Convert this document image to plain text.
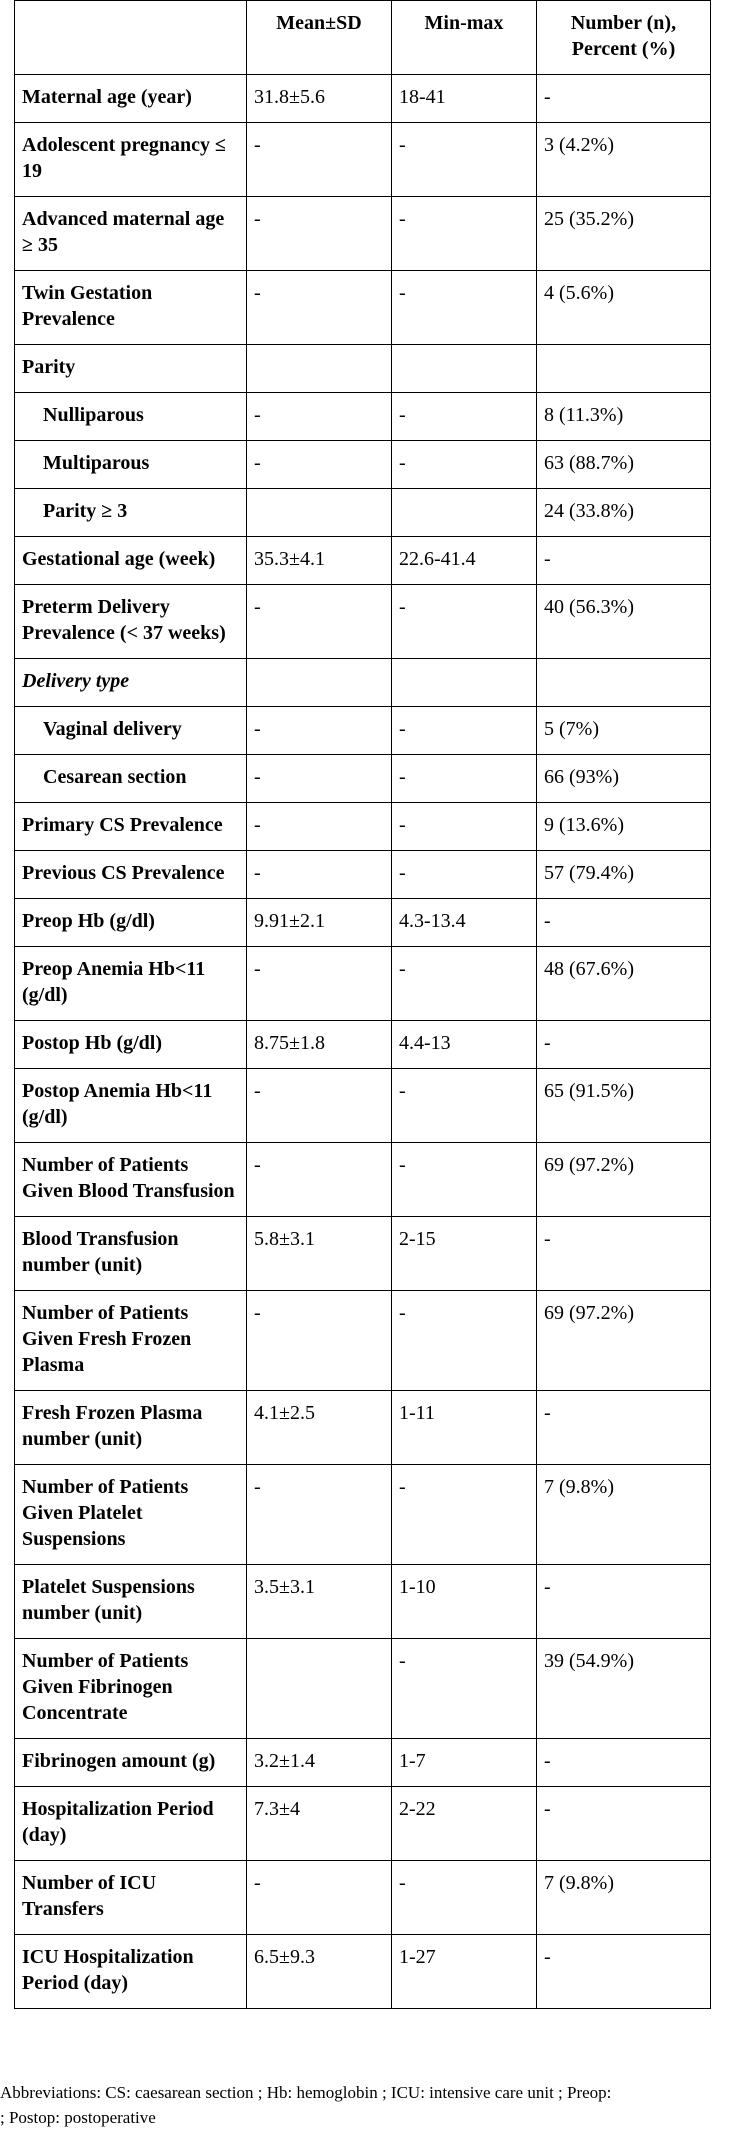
	Mean±SD	Min-max	Number (n),
Percent (%)
Maternal age (year)	31.8±5.6	18-41	-
Adolescent pregnancy ≤ 19	-	-	3 (4.2%)
Advanced maternal age ≥ 35	-	-	25 (35.2%)
Twin Gestation Prevalence	-	-	4 (5.6%)
Parity			
Nulliparous	-	-	8 (11.3%)
Multiparous	-	-	63 (88.7%)
Parity ≥ 3			24 (33.8%)
Gestational age (week)	35.3±4.1	22.6-41.4	-
Preterm Delivery Prevalence (< 37 weeks)	-	-	40 (56.3%)
Delivery type			
Vaginal delivery	-	-	5 (7%)
Cesarean section	-	-	66 (93%)
Primary CS Prevalence	-	-	9 (13.6%)
Previous CS Prevalence	-	-	57 (79.4%)
Preop Hb (g/dl)	9.91±2.1	4.3-13.4	-
Preop Anemia Hb<11 (g/dl)	-	-	48 (67.6%)
Postop Hb (g/dl)	8.75±1.8	4.4-13	-
Postop Anemia Hb<11 (g/dl)	-	-	65 (91.5%)
Number of Patients Given Blood Transfusion	-	-	69 (97.2%)
Blood Transfusion number (unit)	5.8±3.1	2-15	-
Number of Patients Given Fresh Frozen Plasma	-	-	69 (97.2%)
Fresh Frozen Plasma number (unit)	4.1±2.5	1-11	-
Number of Patients Given Platelet Suspensions	-	-	7 (9.8%)
Platelet Suspensions number (unit)	3.5±3.1	1-10	-
Number of Patients Given Fibrinogen Concentrate		-	39 (54.9%)
Fibrinogen amount (g)	3.2±1.4	1-7	-
Hospitalization Period (day)	7.3±4	2-22	-
Number of ICU Transfers	-	-	7 (9.8%)
ICU Hospitalization Period (day)	6.5±9.3	1-27	-
Abbreviations: CS: caesarean section ; Hb: hemoglobin ; ICU: intensive care unit ; Preop:
; Postop: postoperative
